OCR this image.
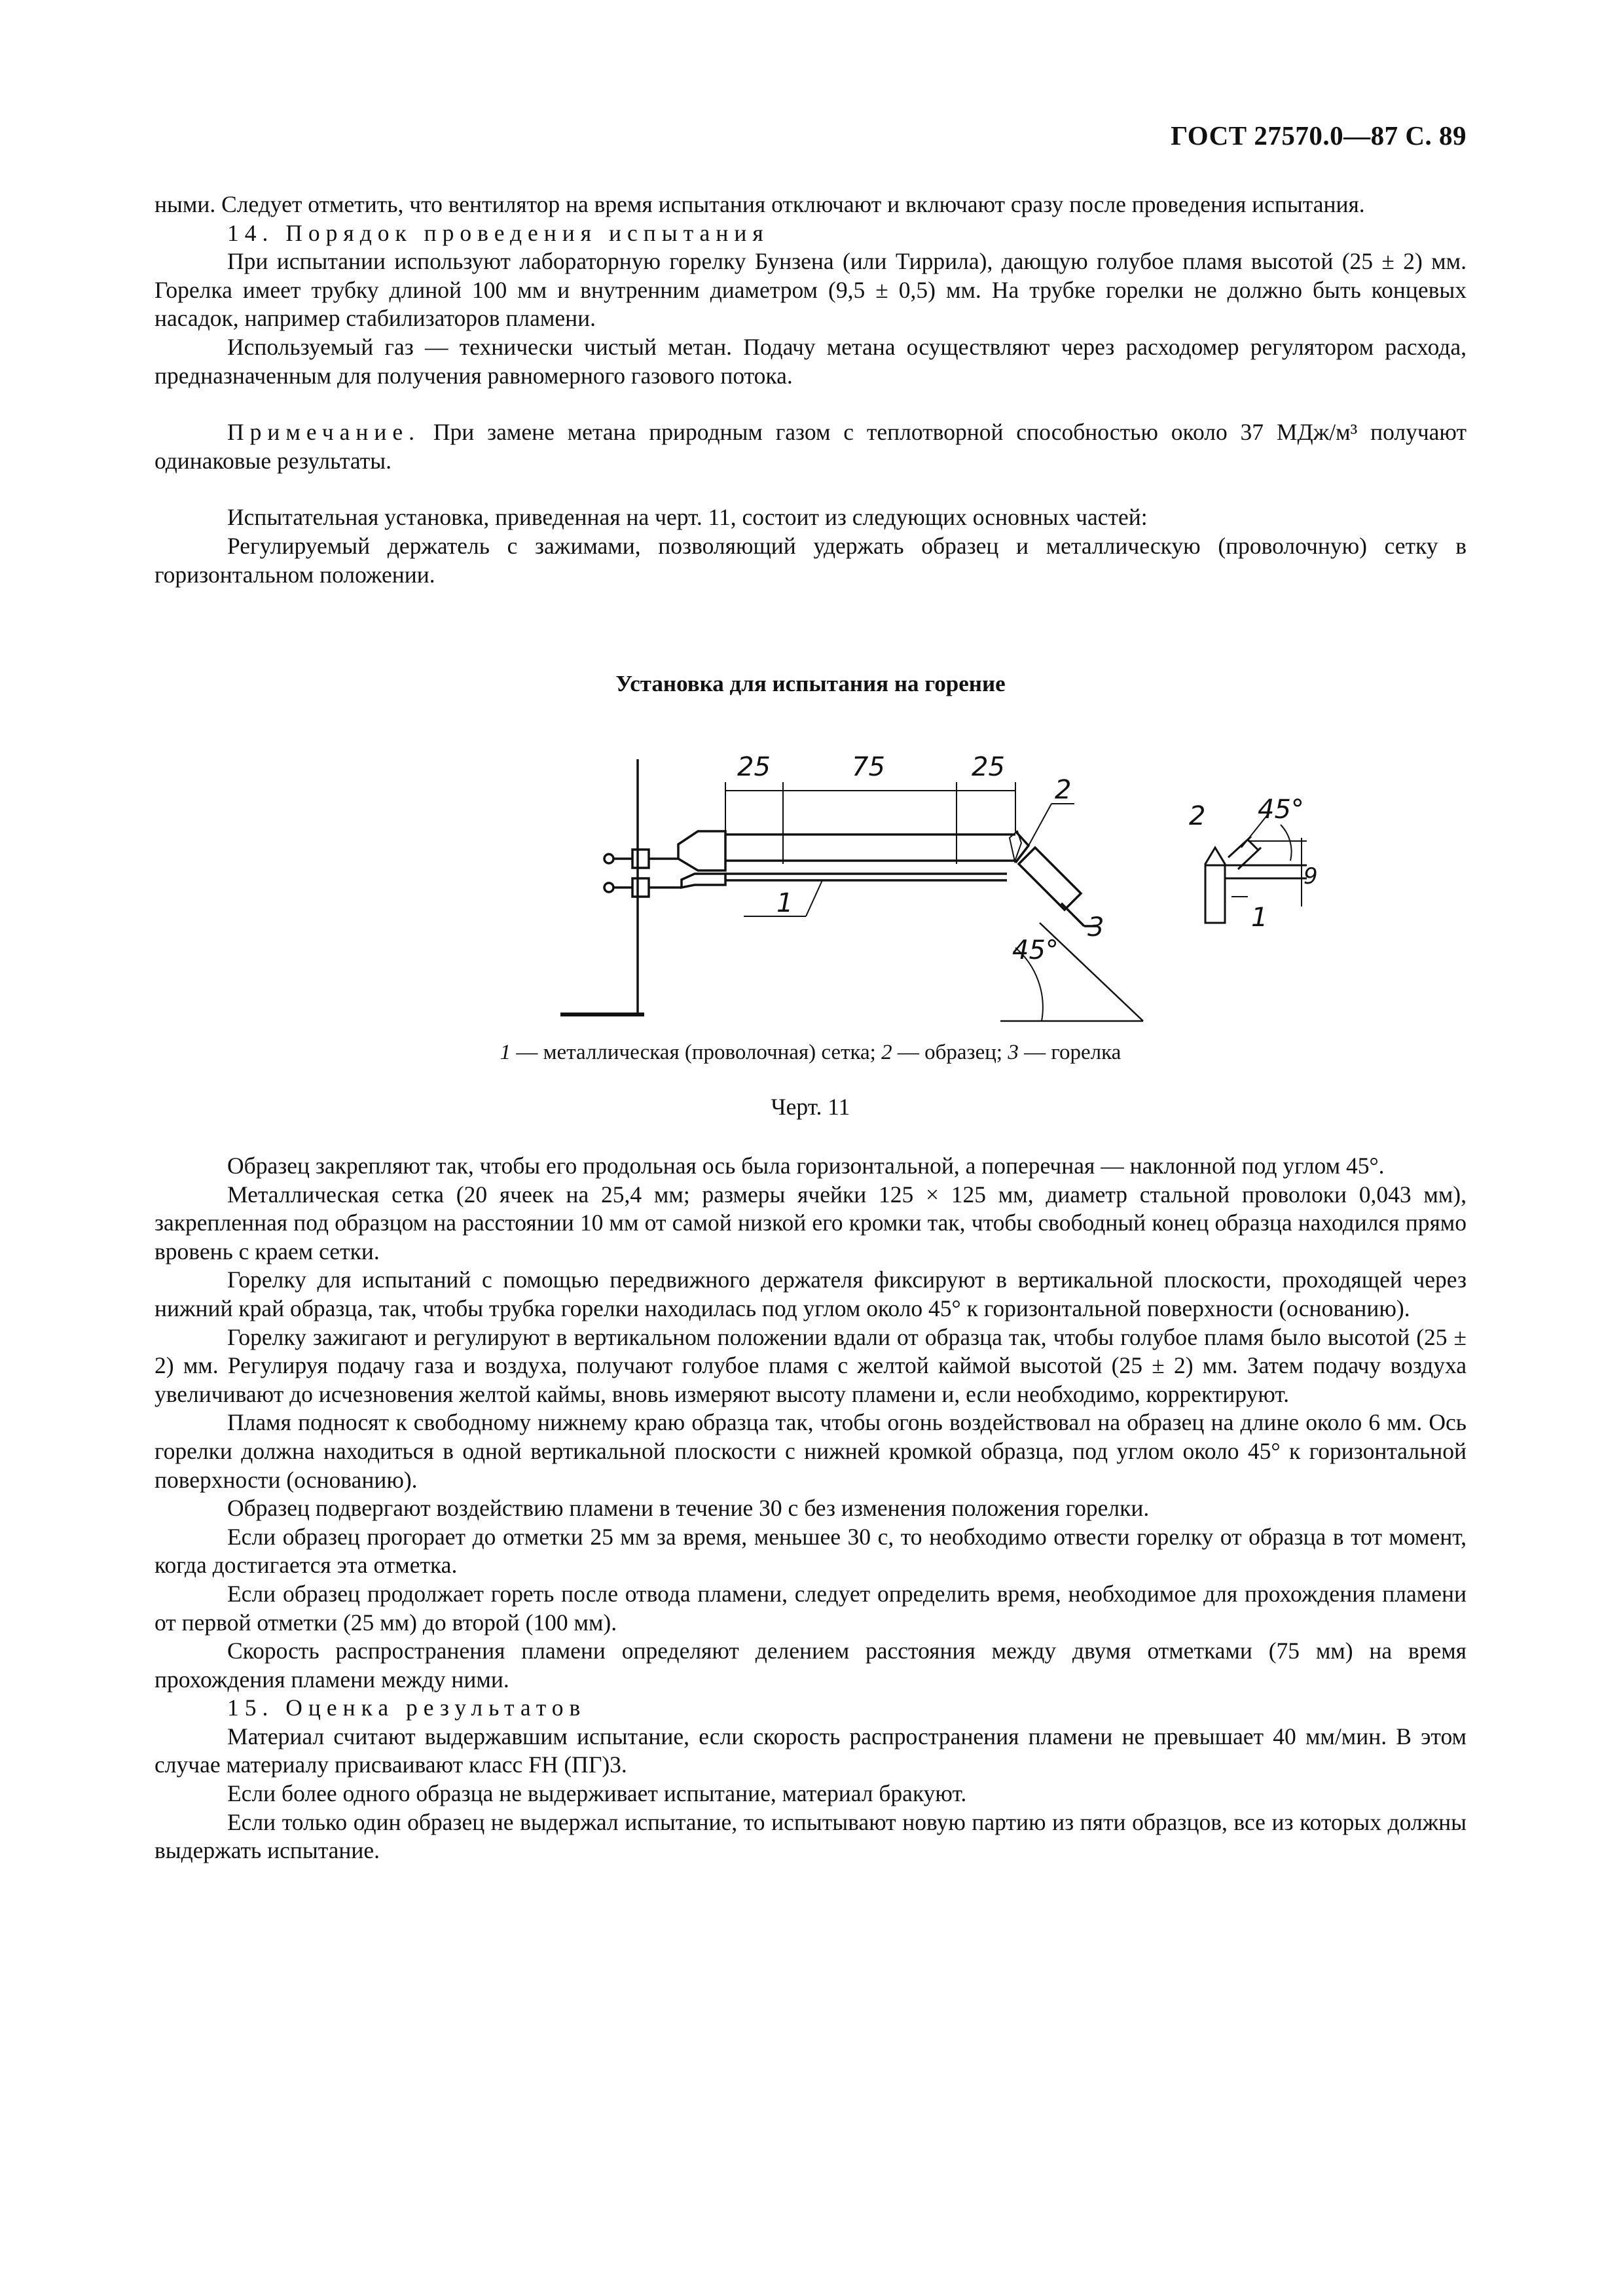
ГОСТ 27570.0—87 С. 89

ными. Следует отметить, что вентилятор на время испытания отключают и включают сразу после проведения испытания.

14. Порядок проведения испытания

При испытании используют лабораторную горелку Бунзена (или Тиррила), дающую голубое пламя высотой (25 ± 2) мм. Горелка имеет трубку длиной 100 мм и внутренним диаметром (9,5 ± 0,5) мм. На трубке горелки не должно быть концевых насадок, например стабилизаторов пламени.

Используемый газ — технически чистый метан. Подачу метана осуществляют через расходомер регулятором расхода, предназначенным для получения равномерного газового потока.

Примечание. При замене метана природным газом с теплотворной способностью около 37 МДж/м³ получают одинаковые результаты.

Испытательная установка, приведенная на черт. 11, состоит из следующих основных частей:

Регулируемый держатель с зажимами, позволяющий удержать образец и металлическую (проволочную) сетку в горизонтальном положении.

Установка для испытания на горение
25	75	25
45°
45°
9
1
2
3
2
1
1 — металлическая (проволочная) сетка; 2 — образец; 3 — горелка
Черт. 11

Образец закрепляют так, чтобы его продольная ось была горизонтальной, а поперечная — наклонной под углом 45°.

Металлическая сетка (20 ячеек на 25,4 мм; размеры ячейки 125 × 125 мм, диаметр стальной проволоки 0,043 мм), закрепленная под образцом на расстоянии 10 мм от самой низкой его кромки так, чтобы свободный конец образца находился прямо вровень с краем сетки.

Горелку для испытаний с помощью передвижного держателя фиксируют в вертикальной плоскости, проходящей через нижний край образца, так, чтобы трубка горелки находилась под углом около 45° к горизонтальной поверхности (основанию).

Горелку зажигают и регулируют в вертикальном положении вдали от образца так, чтобы голубое пламя было высотой (25 ± 2) мм. Регулируя подачу газа и воздуха, получают голубое пламя с желтой каймой высотой (25 ± 2) мм. Затем подачу воздуха увеличивают до исчезновения желтой каймы, вновь измеряют высоту пламени и, если необходимо, корректируют.

Пламя подносят к свободному нижнему краю образца так, чтобы огонь воздействовал на образец на длине около 6 мм. Ось горелки должна находиться в одной вертикальной плоскости с нижней кромкой образца, под углом около 45° к горизонтальной поверхности (основанию).

Образец подвергают воздействию пламени в течение 30 с без изменения положения горелки.

Если образец прогорает до отметки 25 мм за время, меньшее 30 с, то необходимо отвести горелку от образца в тот момент, когда достигается эта отметка.

Если образец продолжает гореть после отвода пламени, следует определить время, необходимое для прохождения пламени от первой отметки (25 мм) до второй (100 мм).

Скорость распространения пламени определяют делением расстояния между двумя отметками (75 мм) на время прохождения пламени между ними.

15. Оценка результатов

Материал считают выдержавшим испытание, если скорость распространения пламени не превышает 40 мм/мин. В этом случае материалу присваивают класс FH (ПГ)3.

Если более одного образца не выдерживает испытание, материал бракуют.

Если только один образец не выдержал испытание, то испытывают новую партию из пяти образцов, все из которых должны выдержать испытание.
